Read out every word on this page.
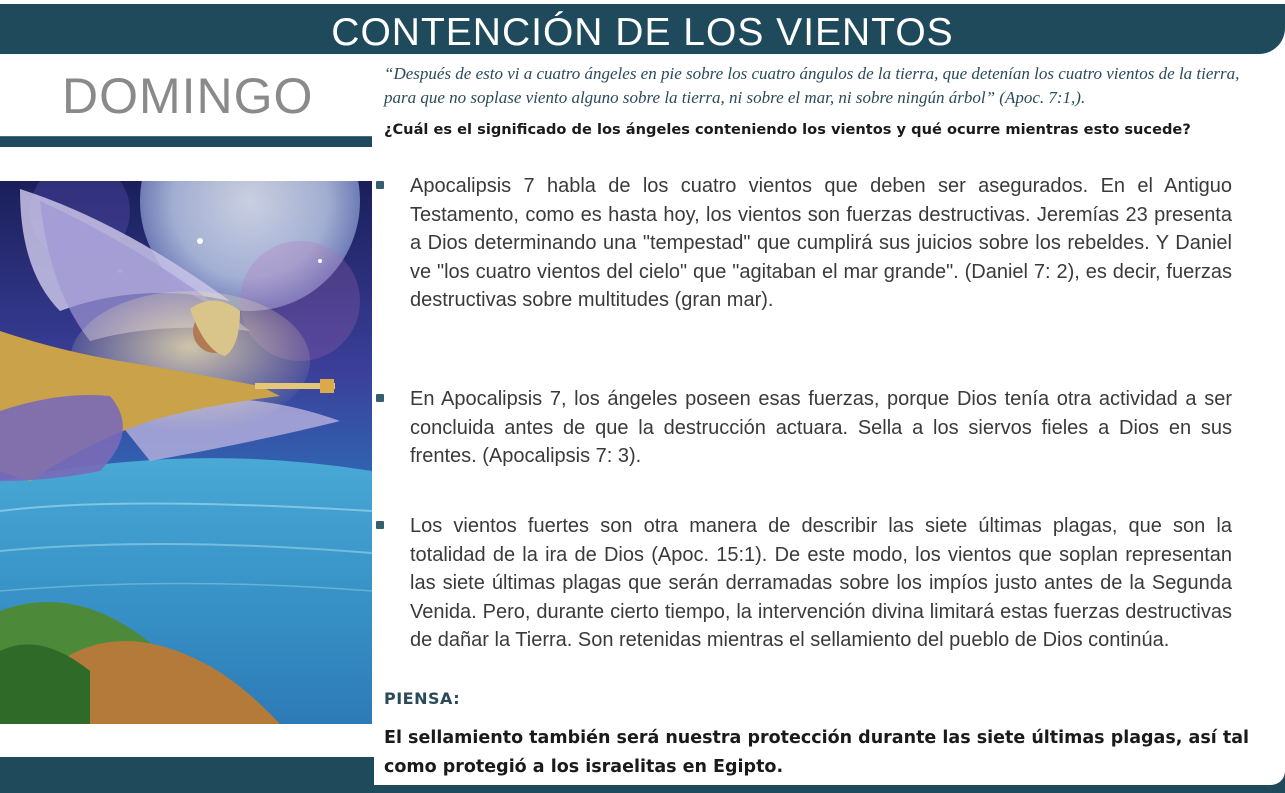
CONTENCIÓN DE LOS VIENTOS
DOMINGO	“Después de esto vi a cuatro ángeles en pie sobre los cuatro ángulos de la tierra, que detenían los cuatro vientos de la tierra, para que no soplase viento alguno sobre la tierra, ni sobre el mar, ni sobre ningún árbol” (Apoc. 7:1,).
¿Cuál es el significado de los ángeles conteniendo los vientos y qué ocurre mientras esto sucede?
Apocalipsis 7 habla de los cuatro vientos que deben ser asegurados. En el Antiguo Testamento, como es hasta hoy, los vientos son fuerzas destructivas. Jeremías 23 presenta a Dios determinando una "tempestad" que cumplirá sus juicios sobre los rebeldes. Y Daniel ve "los cuatro vientos del cielo" que "agitaban el mar grande". (Daniel 7: 2), es decir, fuerzas destructivas sobre multitudes (gran mar).
En Apocalipsis 7, los ángeles poseen esas fuerzas, porque Dios tenía otra actividad a ser concluida antes de que la destrucción actuara. Sella a los siervos fieles a Dios en sus frentes. (Apocalipsis 7: 3).
Los vientos fuertes son otra manera de describir las siete últimas plagas, que son la totalidad de la ira de Dios (Apoc. 15:1). De este modo, los vientos que soplan representan las siete últimas plagas que serán derramadas sobre los impíos justo antes de la Segunda Venida. Pero, durante cierto tiempo, la intervención divina limitará estas fuerzas destructivas de dañar la Tierra. Son retenidas mientras el sellamiento del pueblo de Dios continúa.
PIENSA:
El sellamiento también será nuestra protección durante las siete últimas plagas, así tal como protegió a los israelitas en Egipto.
